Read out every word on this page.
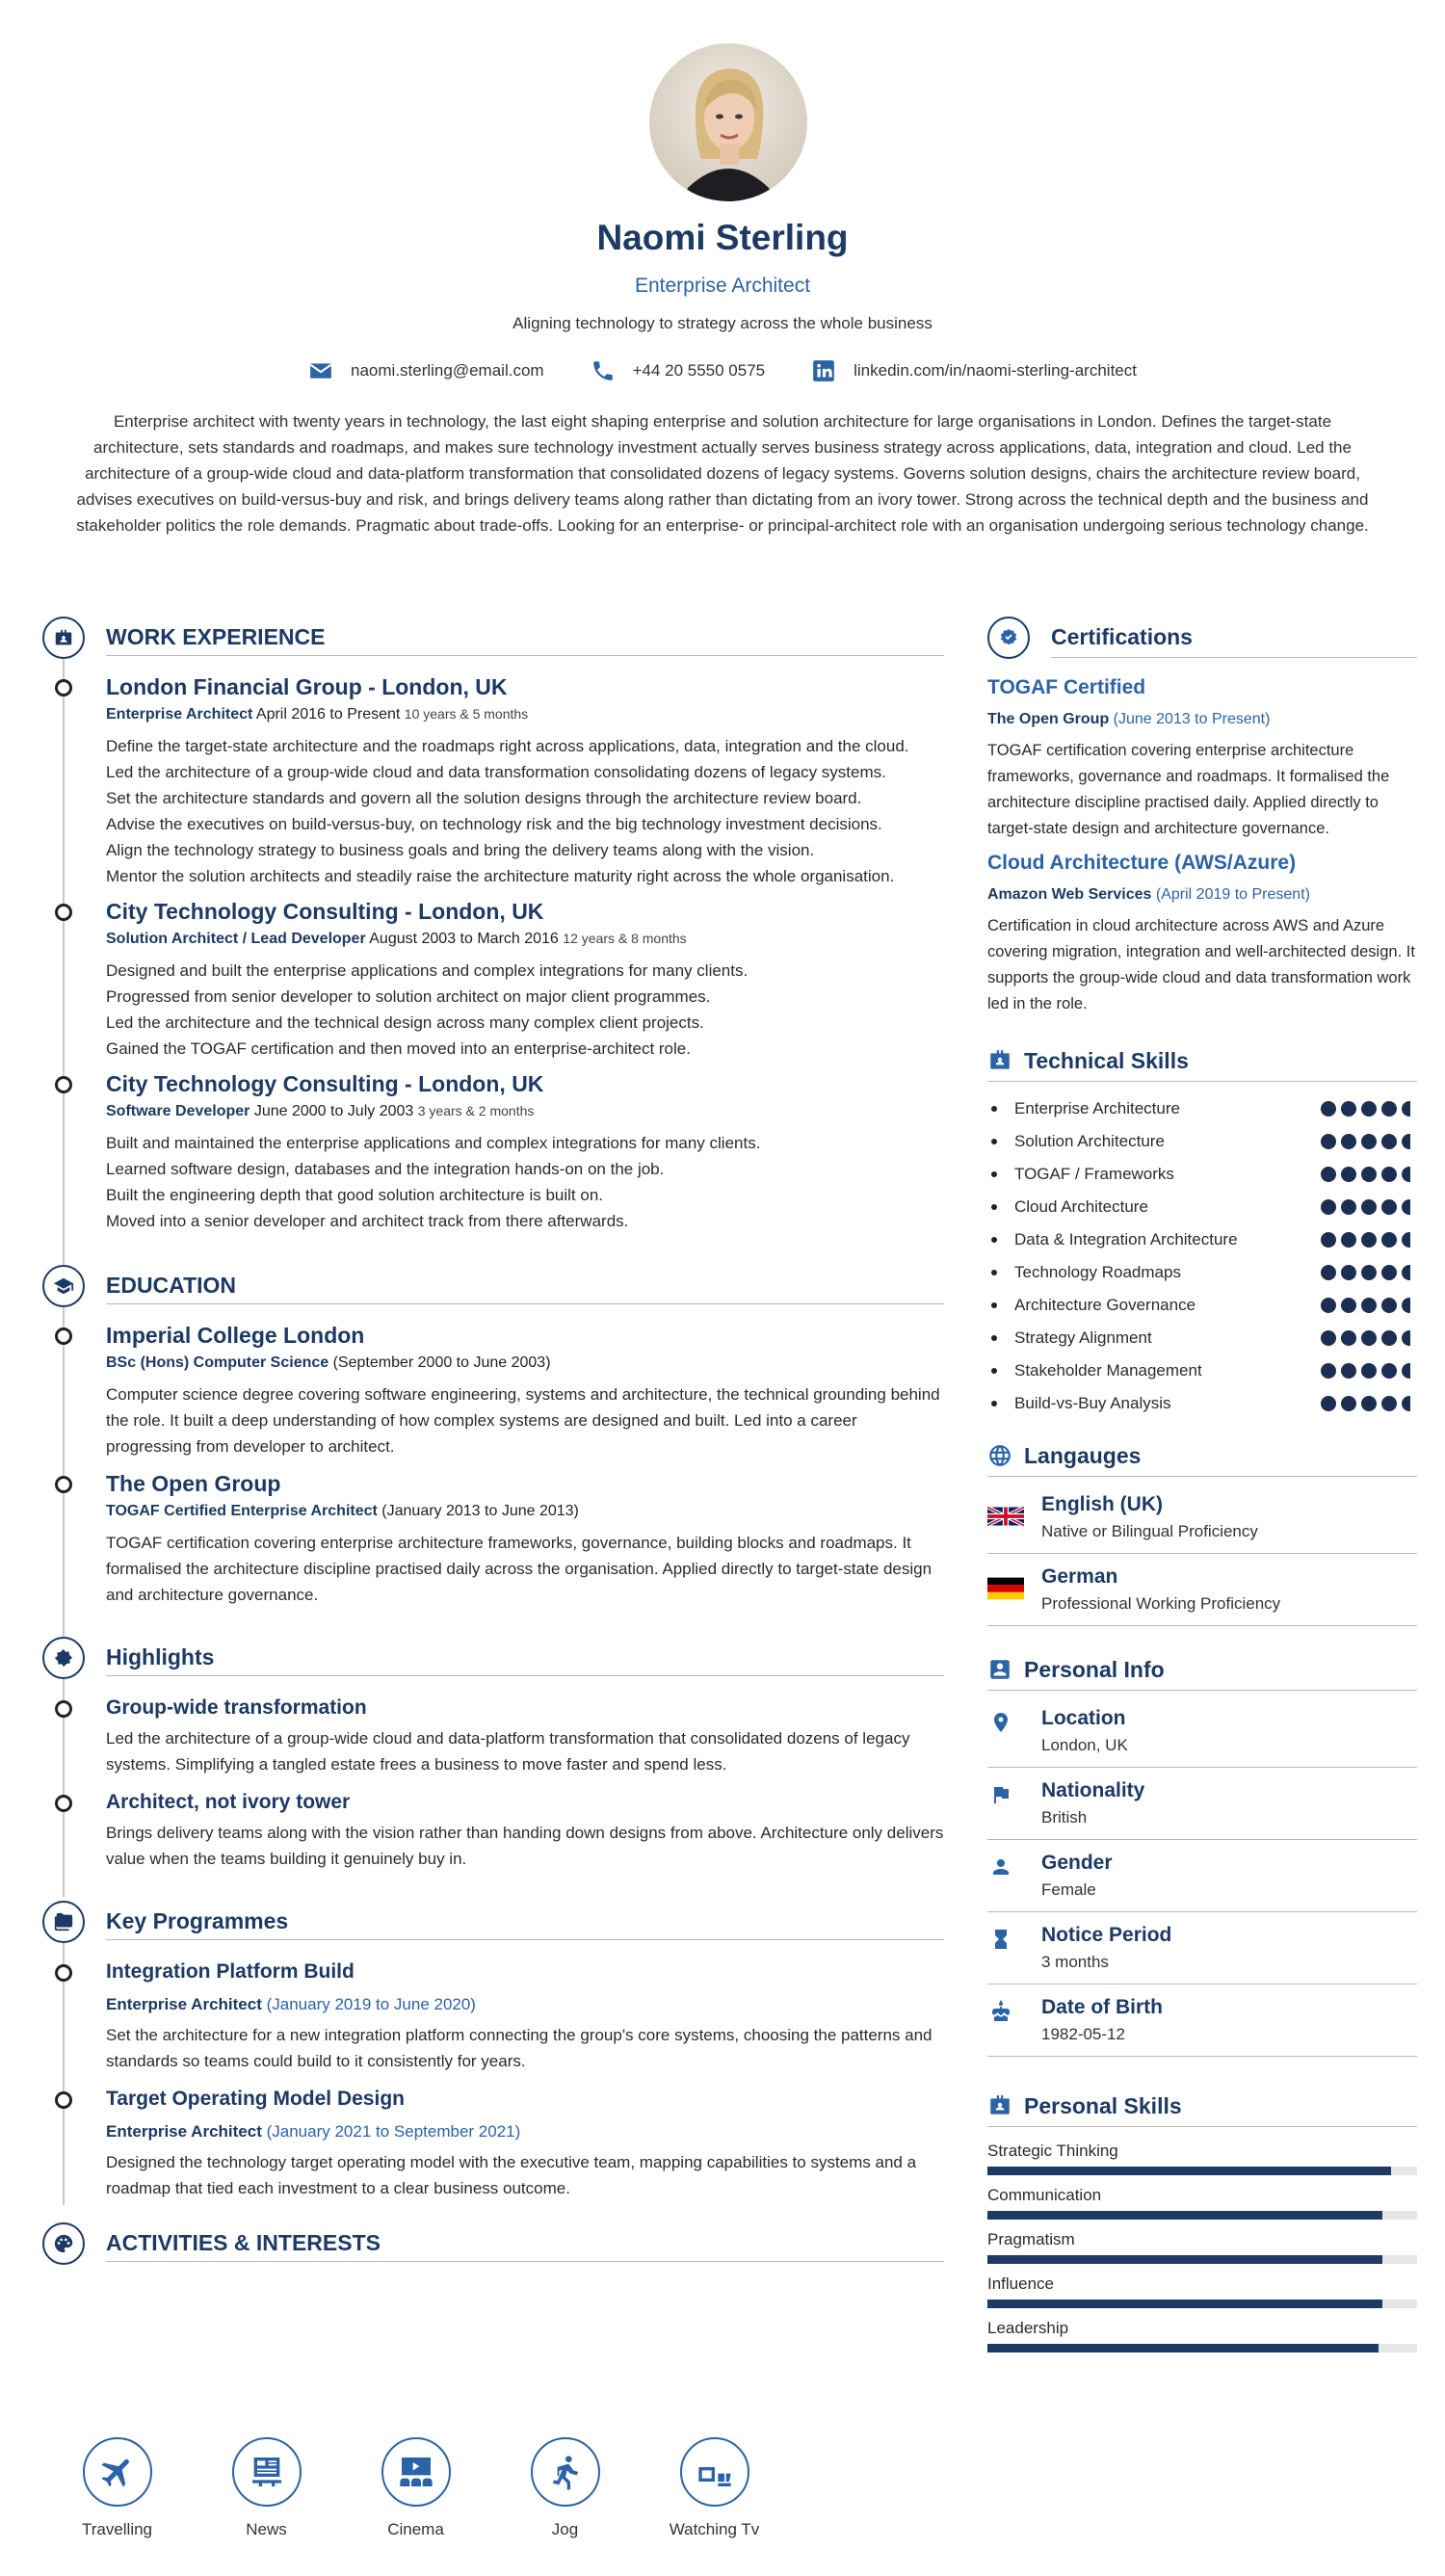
Naomi Sterling
Enterprise Architect
Aligning technology to strategy across the whole business
naomi.sterling@email.com	+44 20 5550 0575	linkedin.com/in/naomi-sterling-architect
Enterprise architect with twenty years in technology, the last eight shaping enterprise and solution architecture for large organisations in London. Defines the target-state architecture, sets standards and roadmaps, and makes sure technology investment actually serves business strategy across applications, data, integration and cloud. Led the architecture of a group-wide cloud and data-platform transformation that consolidated dozens of legacy systems. Governs solution designs, chairs the architecture review board, advises executives on build-versus-buy and risk, and brings delivery teams along rather than dictating from an ivory tower. Strong across the technical depth and the business and stakeholder politics the role demands. Pragmatic about trade-offs. Looking for an enterprise- or principal-architect role with an organisation undergoing serious technology change.
WORK EXPERIENCE
London Financial Group - London, UK
Enterprise Architect April 2016 to Present 10 years & 5 months
Define the target-state architecture and the roadmaps right across applications, data, integration and the cloud.
Led the architecture of a group-wide cloud and data transformation consolidating dozens of legacy systems.
Set the architecture standards and govern all the solution designs through the architecture review board.
Advise the executives on build-versus-buy, on technology risk and the big technology investment decisions.
Align the technology strategy to business goals and bring the delivery teams along with the vision.
Mentor the solution architects and steadily raise the architecture maturity right across the whole organisation.
City Technology Consulting - London, UK
Solution Architect / Lead Developer August 2003 to March 2016 12 years & 8 months
Designed and built the enterprise applications and complex integrations for many clients.
Progressed from senior developer to solution architect on major client programmes.
Led the architecture and the technical design across many complex client projects.
Gained the TOGAF certification and then moved into an enterprise-architect role.
City Technology Consulting - London, UK
Software Developer June 2000 to July 2003 3 years & 2 months
Built and maintained the enterprise applications and complex integrations for many clients.
Learned software design, databases and the integration hands-on on the job.
Built the engineering depth that good solution architecture is built on.
Moved into a senior developer and architect track from there afterwards.
EDUCATION
Imperial College London
BSc (Hons) Computer Science (September 2000 to June 2003)
Computer science degree covering software engineering, systems and architecture, the technical grounding behind the role. It built a deep understanding of how complex systems are designed and built. Led into a career progressing from developer to architect.
The Open Group
TOGAF Certified Enterprise Architect (January 2013 to June 2013)
TOGAF certification covering enterprise architecture frameworks, governance, building blocks and roadmaps. It formalised the architecture discipline practised daily across the organisation. Applied directly to target-state design and architecture governance.
Highlights
Group-wide transformation
Led the architecture of a group-wide cloud and data-platform transformation that consolidated dozens of legacy systems. Simplifying a tangled estate frees a business to move faster and spend less.
Architect, not ivory tower
Brings delivery teams along with the vision rather than handing down designs from above. Architecture only delivers value when the teams building it genuinely buy in.
Key Programmes
Integration Platform Build
Enterprise Architect (January 2019 to June 2020)
Set the architecture for a new integration platform connecting the group's core systems, choosing the patterns and standards so teams could build to it consistently for years.
Target Operating Model Design
Enterprise Architect (January 2021 to September 2021)
Designed the technology target operating model with the executive team, mapping capabilities to systems and a roadmap that tied each investment to a clear business outcome.
ACTIVITIES & INTERESTS
Travelling	News	Cinema	Jog	Watching Tv
Certifications
TOGAF Certified
The Open Group (June 2013 to Present)
TOGAF certification covering enterprise architecture frameworks, governance and roadmaps. It formalised the architecture discipline practised daily. Applied directly to target-state design and architecture governance.
Cloud Architecture (AWS/Azure)
Amazon Web Services (April 2019 to Present)
Certification in cloud architecture across AWS and Azure covering migration, integration and well-architected design. It supports the group-wide cloud and data transformation work led in the role.
Technical Skills
Enterprise Architecture
Solution Architecture
TOGAF / Frameworks
Cloud Architecture
Data & Integration Architecture
Technology Roadmaps
Architecture Governance
Strategy Alignment
Stakeholder Management
Build-vs-Buy Analysis
Langauges
English (UK)
Native or Bilingual Proficiency
German
Professional Working Proficiency
Personal Info
Location
London, UK
Nationality
British
Gender
Female
Notice Period
3 months
Date of Birth
1982-05-12
Personal Skills
Strategic Thinking
Communication
Pragmatism
Influence
Leadership
